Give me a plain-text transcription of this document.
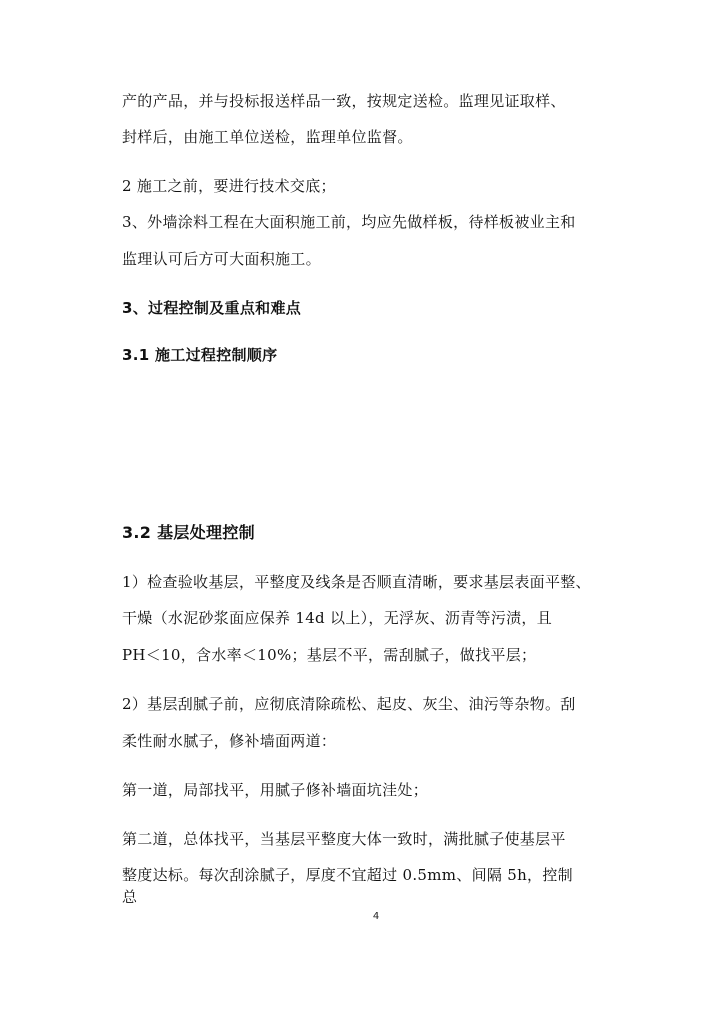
产的产品，并与投标报送样品一致，按规定送检。监理见证取样、
封样后，由施工单位送检，监理单位监督。
2 施工之前，要进行技术交底；
3、外墙涂料工程在大面积施工前，均应先做样板，待样板被业主和
监理认可后方可大面积施工。
3、过程控制及重点和难点
3.1 施工过程控制顺序
3.2 基层处理控制
1）检查验收基层，平整度及线条是否顺直清晰，要求基层表面平整、
干燥（水泥砂浆面应保养 14d 以上），无浮灰、沥青等污渍，且
PH＜10，含水率＜10%；基层不平，需刮腻子，做找平层；
2）基层刮腻子前，应彻底清除疏松、起皮、灰尘、油污等杂物。刮
柔性耐水腻子，修补墙面两道：
第一道，局部找平，用腻子修补墙面坑洼处；
第二道，总体找平，当基层平整度大体一致时，满批腻子使基层平
整度达标。每次刮涂腻子，厚度不宜超过 0.5mm、间隔 5h，控制
总
4
